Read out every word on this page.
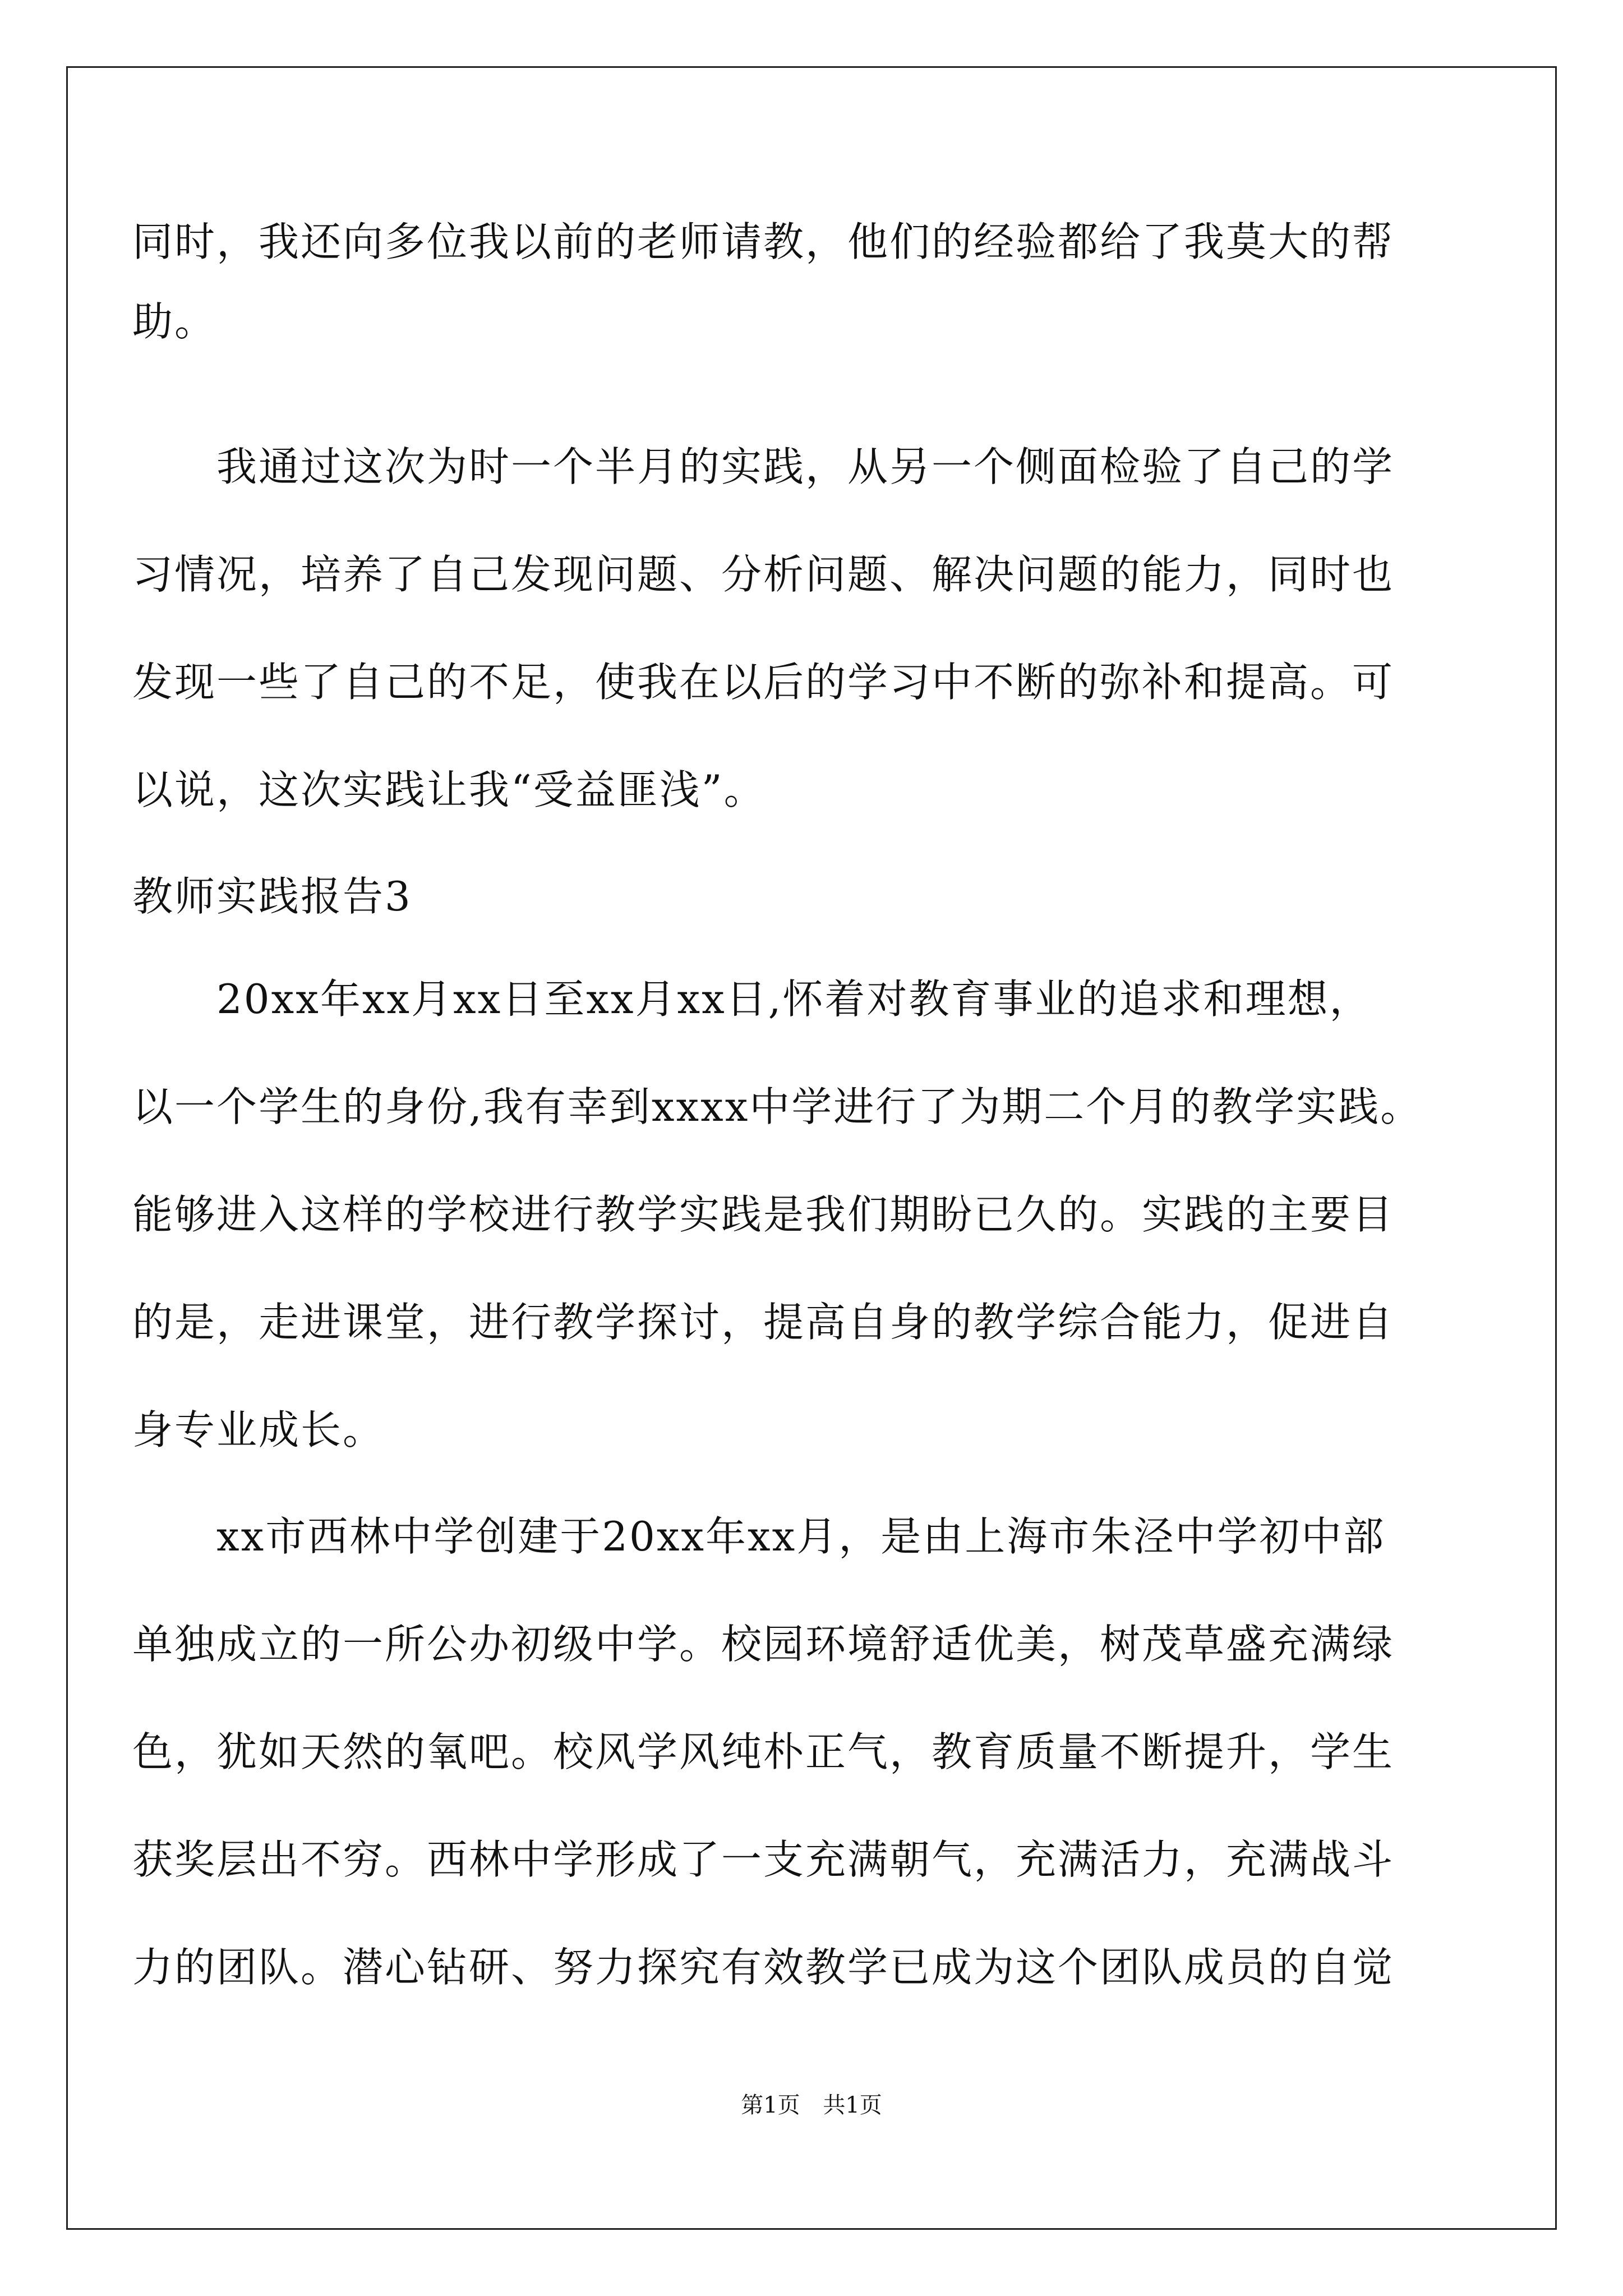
同时，我还向多位我以前的老师请教，他们的经验都给了我莫大的帮
助。
　　我通过这次为时一个半月的实践，从另一个侧面检验了自己的学
习情况，培养了自己发现问题、分析问题、解决问题的能力，同时也
发现一些了自己的不足，使我在以后的学习中不断的弥补和提高。可
以说，这次实践让我“受益匪浅”。
教师实践报告3
　　20xx年xx月xx日至xx月xx日,怀着对教育事业的追求和理想，
以一个学生的身份,我有幸到xxxx中学进行了为期二个月的教学实践。
能够进入这样的学校进行教学实践是我们期盼已久的。实践的主要目
的是，走进课堂，进行教学探讨，提高自身的教学综合能力，促进自
身专业成长。
　　xx市西林中学创建于20xx年xx月，是由上海市朱泾中学初中部
单独成立的一所公办初级中学。校园环境舒适优美，树茂草盛充满绿
色，犹如天然的氧吧。校风学风纯朴正气，教育质量不断提升，学生
获奖层出不穷。西林中学形成了一支充满朝气，充满活力，充满战斗
力的团队。潜心钻研、努力探究有效教学已成为这个团队成员的自觉
第1页 共1页
